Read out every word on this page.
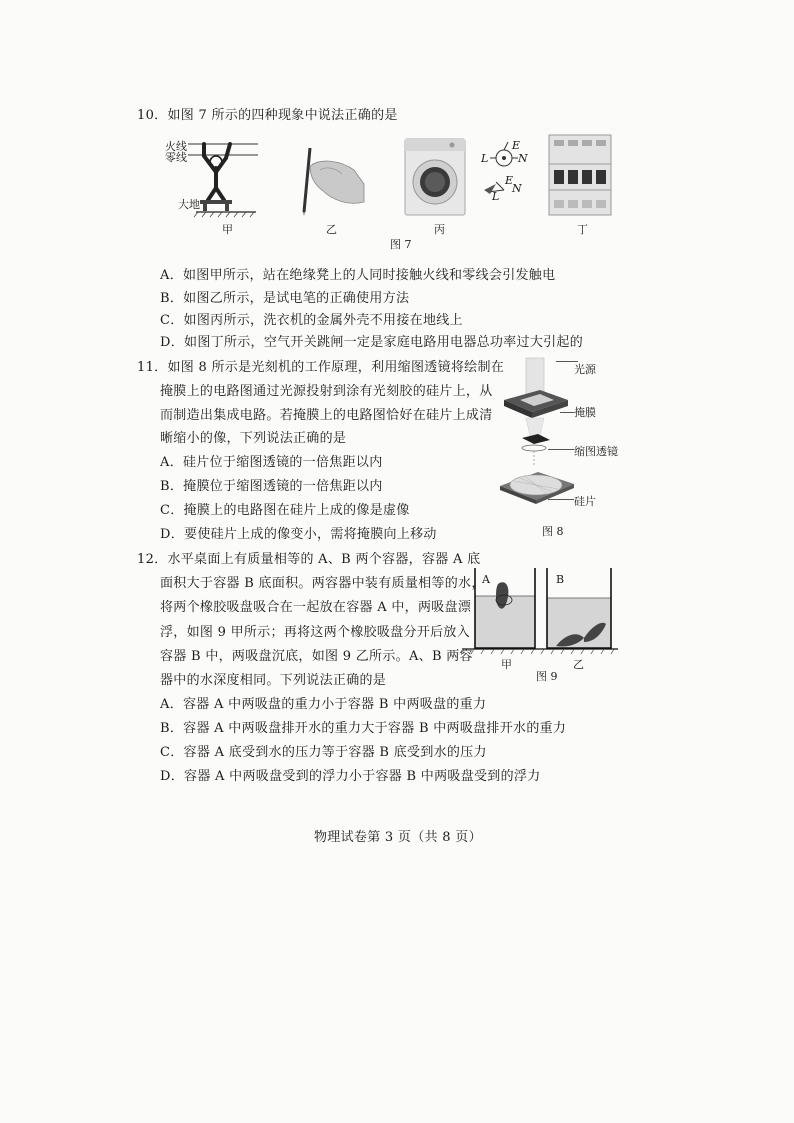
10．如图 7 所示的四种现象中说法正确的是
火线
零线
大地
L
E
N
E
N
L
甲	乙	丙	丁
图 7
A．如图甲所示，站在绝缘凳上的人同时接触火线和零线会引发触电
B．如图乙所示，是试电笔的正确使用方法
C．如图丙所示，洗衣机的金属外壳不用接在地线上
D．如图丁所示，空气开关跳闸一定是家庭电路用电器总功率过大引起的
11．如图 8 所示是光刻机的工作原理，利用缩图透镜将绘制在
掩膜上的电路图通过光源投射到涂有光刻胶的硅片上，从
而制造出集成电路。若掩膜上的电路图恰好在硅片上成清
晰缩小的像，下列说法正确的是
A．硅片位于缩图透镜的一倍焦距以内
B．掩膜位于缩图透镜的一倍焦距以内
C．掩膜上的电路图在硅片上成的像是虚像
D．要使硅片上成的像变小，需将掩膜向上移动
光源
掩膜
缩图透镜
硅片
图 8
12．水平桌面上有质量相等的 A、B 两个容器，容器 A 底
面积大于容器 B 底面积。两容器中装有质量相等的水，
将两个橡胶吸盘吸合在一起放在容器 A 中，两吸盘漂
浮，如图 9 甲所示；再将这两个橡胶吸盘分开后放入
容器 B 中，两吸盘沉底，如图 9 乙所示。A、B 两容
器中的水深度相同。下列说法正确的是
A．容器 A 中两吸盘的重力小于容器 B 中两吸盘的重力
B．容器 A 中两吸盘排开水的重力大于容器 B 中两吸盘排开水的重力
C．容器 A 底受到水的压力等于容器 B 底受到水的压力
D．容器 A 中两吸盘受到的浮力小于容器 B 中两吸盘受到的浮力
A	B
甲	乙
图 9
物理试卷第 3 页（共 8 页）
